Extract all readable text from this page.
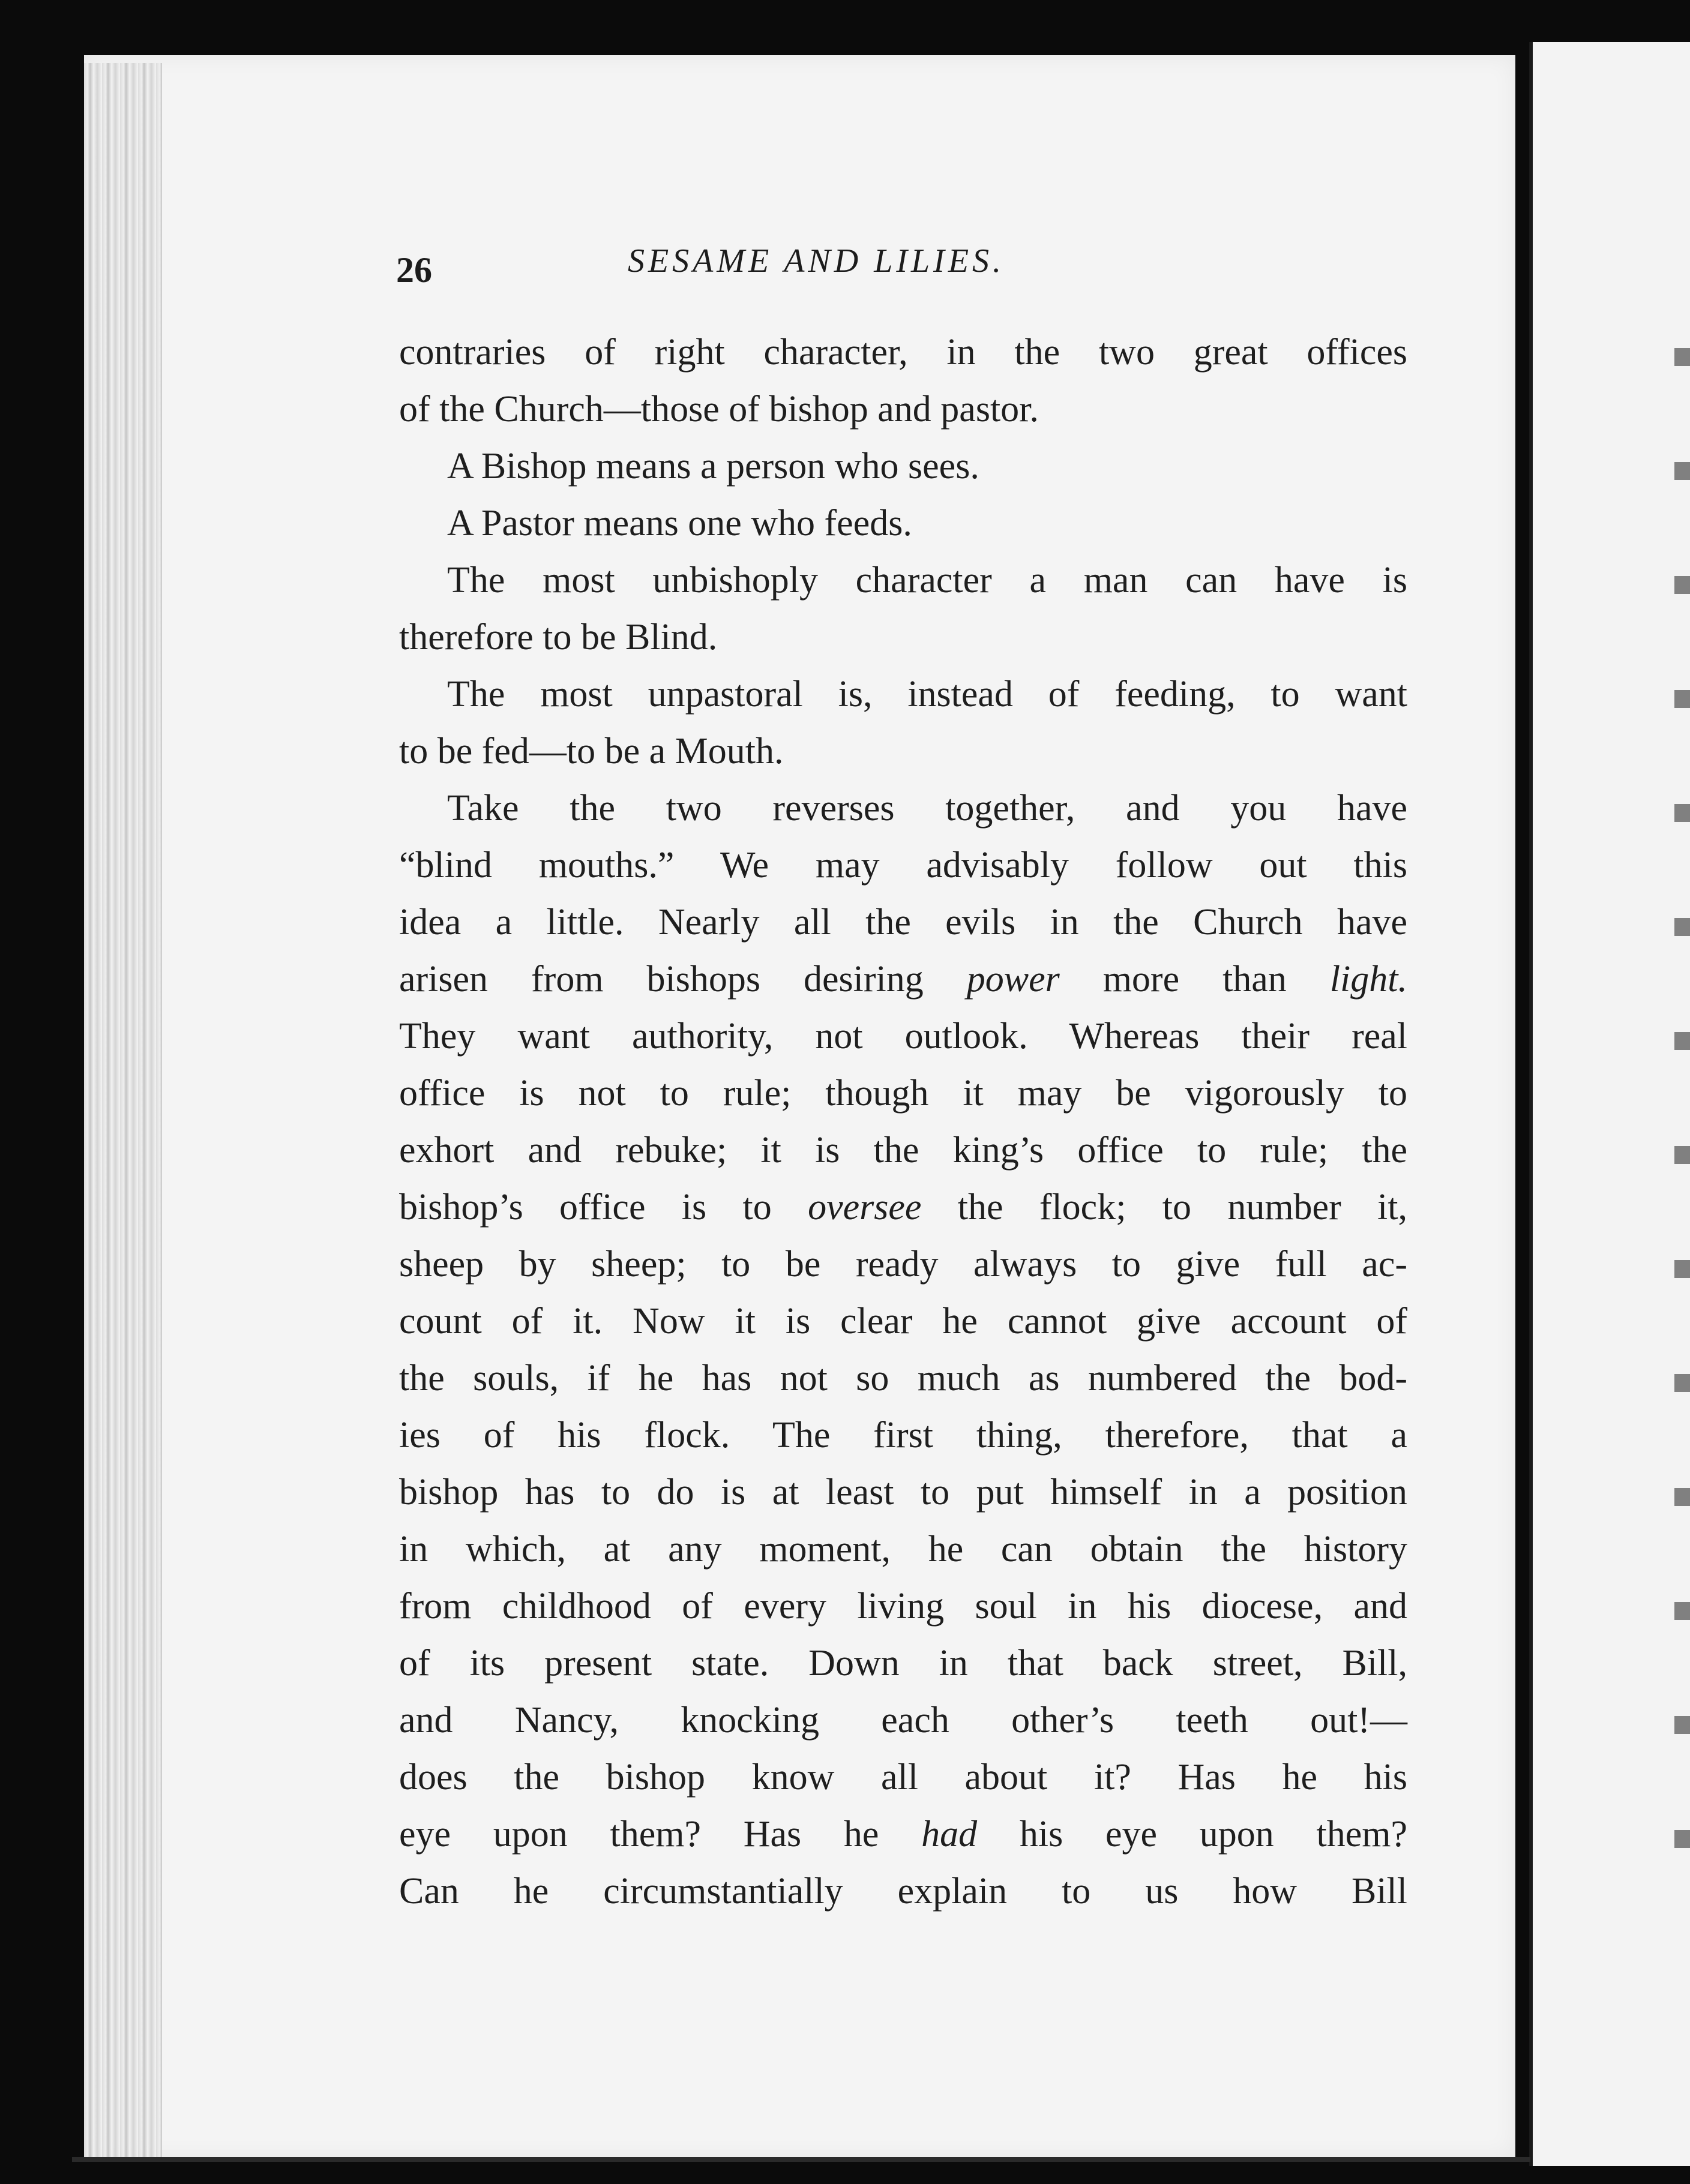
26	SESAME AND LILIES.
contraries of right character, in the two great offices
of the Church—those of bishop and pastor.
A Bishop means a person who sees.
A Pastor means one who feeds.
The most unbishoply character a man can have is
therefore to be Blind.
The most unpastoral is, instead of feeding, to want
to be fed—to be a Mouth.
Take the two reverses together, and you have
“blind mouths.” We may advisably follow out this
idea a little. Nearly all the evils in the Church have
arisen from bishops desiring power more than light.
They want authority, not outlook. Whereas their real
office is not to rule; though it may be vigorously to
exhort and rebuke; it is the king’s office to rule; the
bishop’s office is to oversee the flock; to number it,
sheep by sheep; to be ready always to give full ac-
count of it. Now it is clear he cannot give account of
the souls, if he has not so much as numbered the bod-
ies of his flock. The first thing, therefore, that a
bishop has to do is at least to put himself in a position
in which, at any moment, he can obtain the history
from childhood of every living soul in his diocese, and
of its present state. Down in that back street, Bill,
and Nancy, knocking each other’s teeth out!—
does the bishop know all about it? Has he his
eye upon them? Has he had his eye upon them?
Can he circumstantially explain to us how Bill
